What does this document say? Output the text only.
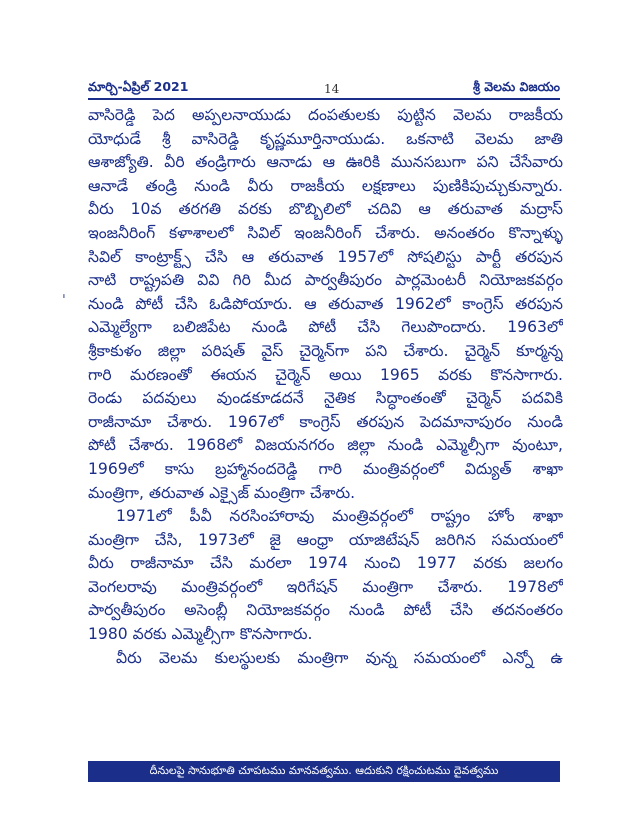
మార్చి-ఏప్రిల్ 2021	14	శ్రీ వెలమ విజయం
ˌ
వాసిరెడ్డి పెద అప్పలనాయుడు దంపతులకు పుట్టిన వెలమ రాజకీయ
యోధుడే శ్రీ వాసిరెడ్డి కృష్ణమూర్తినాయుడు. ఒకనాటి వెలమ జాతి
ఆశాజ్యోతి. వీరి తండ్రిగారు ఆనాడు ఆ ఊరికి మునసబుగా పని చేసేవారు
ఆనాడే తండ్రి నుండి వీరు రాజకీయ లక్షణాలు పుణికిపుచ్చుకున్నారు.
వీరు 10వ తరగతి వరకు బొబ్బిలిలో చదివి ఆ తరువాత మద్రాస్
ఇంజనీరింగ్ కళాశాలలో సివిల్ ఇంజనీరింగ్ చేశారు. అనంతరం కొన్నాళ్ళు
సివిల్ కాంట్రాక్ట్స్ చేసి ఆ తరువాత 1957లో సోషలిస్టు పార్టీ తరపున
నాటి రాష్ట్రపతి వివి గిరి మీద పార్వతీపురం పార్లమెంటరీ నియోజకవర్గం
నుండి పోటీ చేసి ఓడిపోయారు. ఆ తరువాత 1962లో కాంగ్రెస్ తరపున
ఎమ్మెల్యేగా బలిజిపేట నుండి పోటీ చేసి గెలుపొందారు. 1963లో
శ్రీకాకుళం జిల్లా పరిషత్ వైస్ చైర్మెన్‌గా పని చేశారు. చైర్మెన్ కూర్మన్న
గారి మరణంతో ఈయన చైర్మెన్ అయి 1965 వరకు కొనసాగారు.
రెండు పదవులు వుండకూడదనే నైతిక సిద్ధాంతంతో చైర్మెన్ పదవికి
రాజీనామా చేశారు. 1967లో కాంగ్రెస్ తరపున పెదమానాపురం నుండి
పోటీ చేశారు. 1968లో విజయనగరం జిల్లా నుండి ఎమ్మెల్సీగా వుంటూ,
1969లో కాసు బ్రహ్మానందరెడ్డి గారి మంత్రివర్గంలో విద్యుత్ శాఖా
మంత్రిగా, తరువాత ఎక్సైజ్ మంత్రిగా చేశారు.
1971లో పీవీ నరసింహారావు మంత్రివర్గంలో రాష్ట్రం హోం శాఖా
మంత్రిగా చేసి, 1973లో జై ఆంధ్రా యాజిటేషన్ జరిగిన సమయంలో
వీరు రాజీనామా చేసి మరలా 1974 నుంచి 1977 వరకు జలగం
వెంగలరావు మంత్రివర్గంలో ఇరిగేషన్ మంత్రిగా చేశారు. 1978లో
పార్వతీపురం అసెంబ్లీ నియోజకవర్గం నుండి పోటీ చేసి తదనంతరం
1980 వరకు ఎమ్మెల్సీగా కొనసాగారు.
వీరు వెలమ కులస్థులకు మంత్రిగా వున్న సమయంలో ఎన్నో ఉ
దీనులపై సానుభూతి చూపటము మానవత్వము. ఆదుకుని రక్షించుటము దైవత్వము
